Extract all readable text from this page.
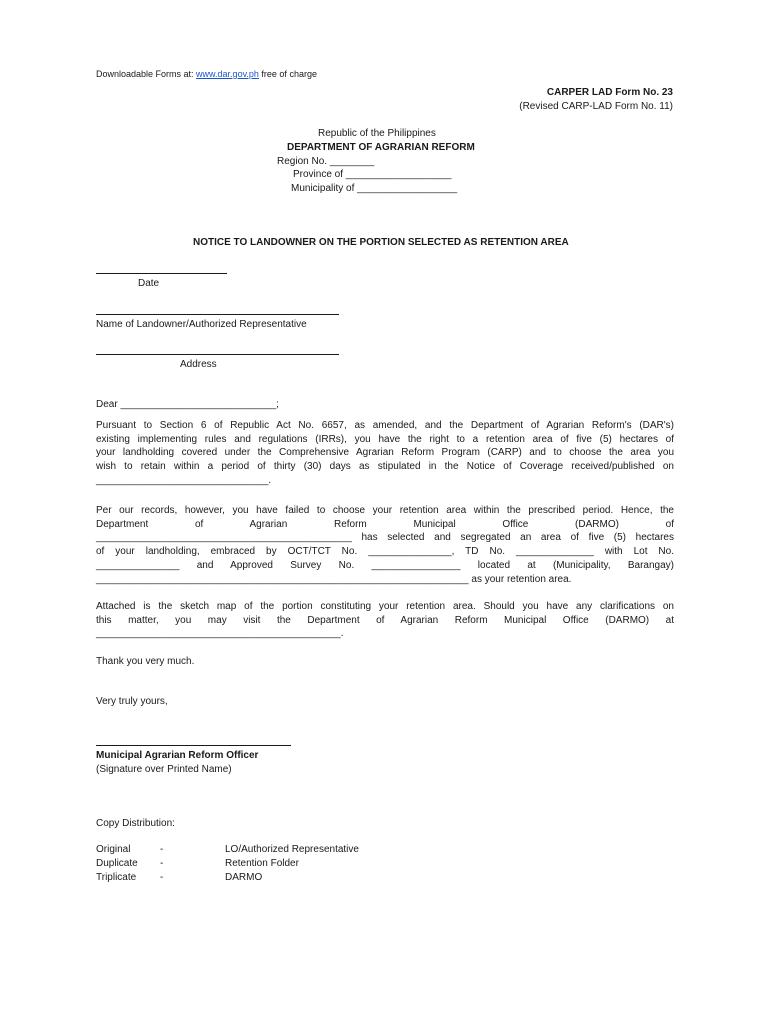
Downloadable Forms at: www.dar.gov.ph free of charge
CARPER LAD Form No. 23
(Revised CARP-LAD Form No. 11)
Republic of the Philippines
DEPARTMENT OF AGRARIAN REFORM
Region No. ________
Province of ___________________
Municipality of __________________
NOTICE TO LANDOWNER ON THE PORTION SELECTED AS RETENTION AREA
Date
Name of Landowner/Authorized Representative
Address
Dear ____________________________;
Pursuant to Section 6 of Republic Act No. 6657, as amended, and the Department of Agrarian Reform's (DAR's)
existing implementing rules and regulations (IRRs), you have the right to a retention area of five (5) hectares of
your landholding covered under the Comprehensive Agrarian Reform Program (CARP) and to choose the area you
wish to retain within a period of thirty (30) days as stipulated in the Notice of Coverage received/published on
_______________________________.
Per our records, however, you have failed to choose your retention area within the prescribed period. Hence, the
Department of Agrarian Reform Municipal Office (DARMO) of
______________________________________________ has selected and segregated an area of five (5) hectares
of your landholding, embraced by OCT/TCT No. _______________, TD No. ______________ with Lot No.
_______________ and Approved Survey No. ________________ located at (Municipality, Barangay)
___________________________________________________________________ as your retention area.
Attached is the sketch map of the portion constituting your retention area. Should you have any clarifications on
this matter, you may visit the Department of Agrarian Reform Municipal Office (DARMO) at
____________________________________________.
Thank you very much.
Very truly yours,
Municipal Agrarian Reform Officer
(Signature over Printed Name)
Copy Distribution:
Original	-	LO/Authorized Representative
Duplicate -	Retention Folder
Triplicate -	DARMO
